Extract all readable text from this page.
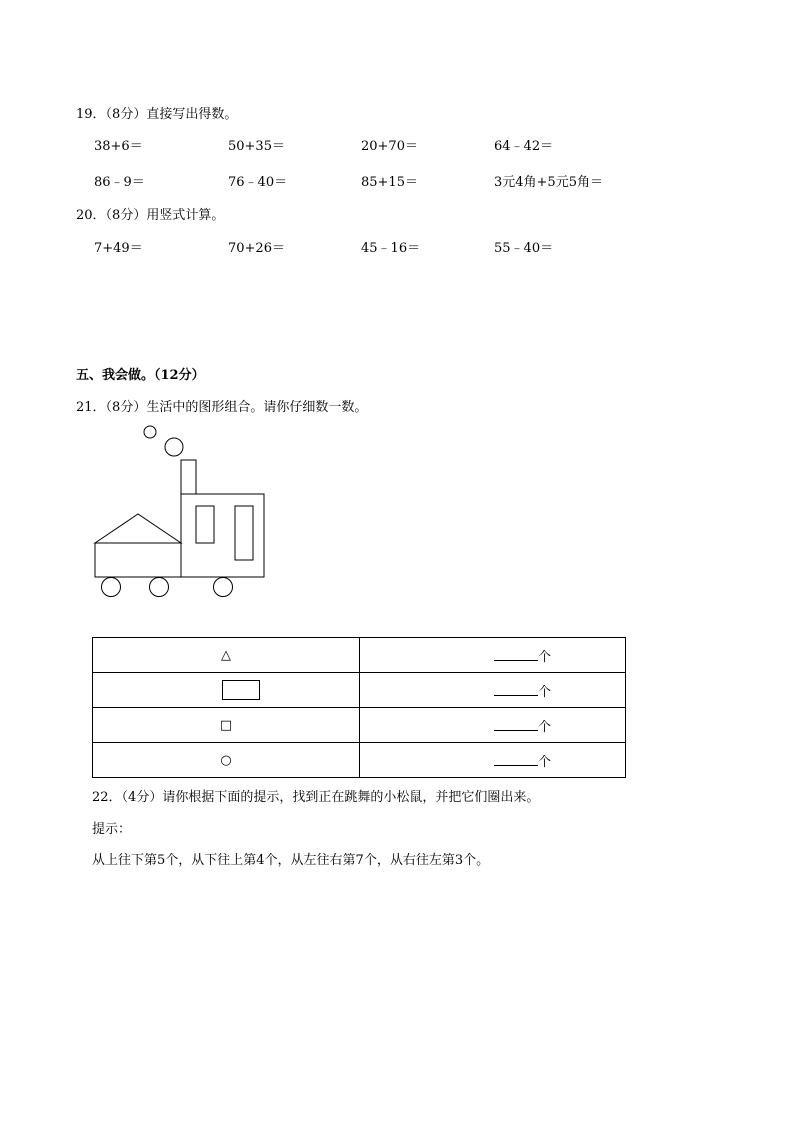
19．（8分）直接写出得数。
38+6＝	50+35＝	20+70＝	64﹣42＝
86﹣9＝	76﹣40＝	85+15＝	3元4角+5元5角＝
20．（8分）用竖式计算。
7+49＝	70+26＝	45﹣16＝	55﹣40＝
五、我会做。（12分）
21．（8分）生活中的图形组合。请你仔细数一数。
△	个
	个
□	个
○	个
22．（4分）请你根据下面的提示，找到正在跳舞的小松鼠，并把它们圈出来。
提示：
从上往下第5个，从下往上第4个，从左往右第7个，从右往左第3个。
